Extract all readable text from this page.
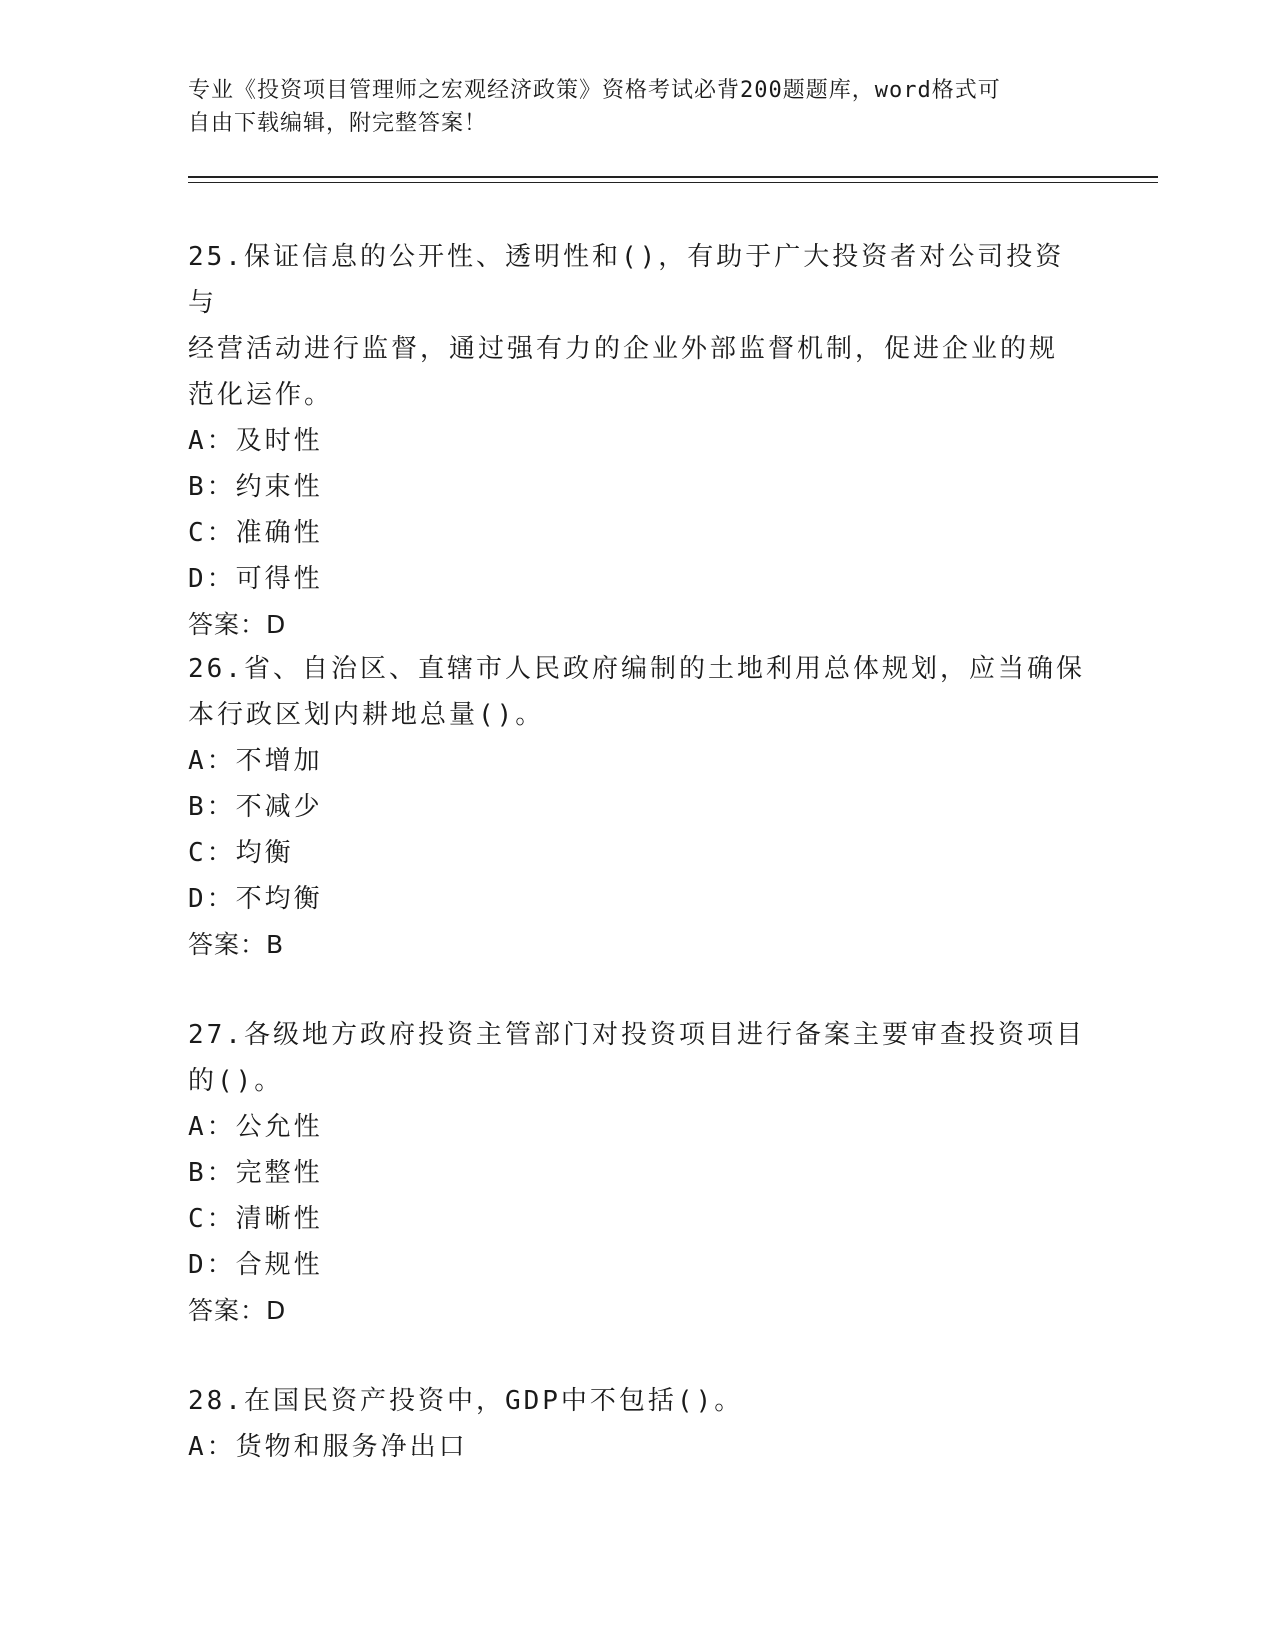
专业《投资项目管理师之宏观经济政策》资格考试必背200题题库，word格式可

自由下载编辑，附完整答案！

25.保证信息的公开性、透明性和()，有助于广大投资者对公司投资与

经营活动进行监督，通过强有力的企业外部监督机制，促进企业的规

范化运作。

A：及时性

B：约束性

C：准确性

D：可得性

答案：D

26.省、自治区、直辖市人民政府编制的土地利用总体规划，应当确保

本行政区划内耕地总量()。

A：不增加

B：不减少

C：均衡

D：不均衡

答案：B

27.各级地方政府投资主管部门对投资项目进行备案主要审查投资项目

的()。

A：公允性

B：完整性

C：清晰性

D：合规性

答案：D

28.在国民资产投资中，GDP中不包括()。

A：货物和服务净出口
